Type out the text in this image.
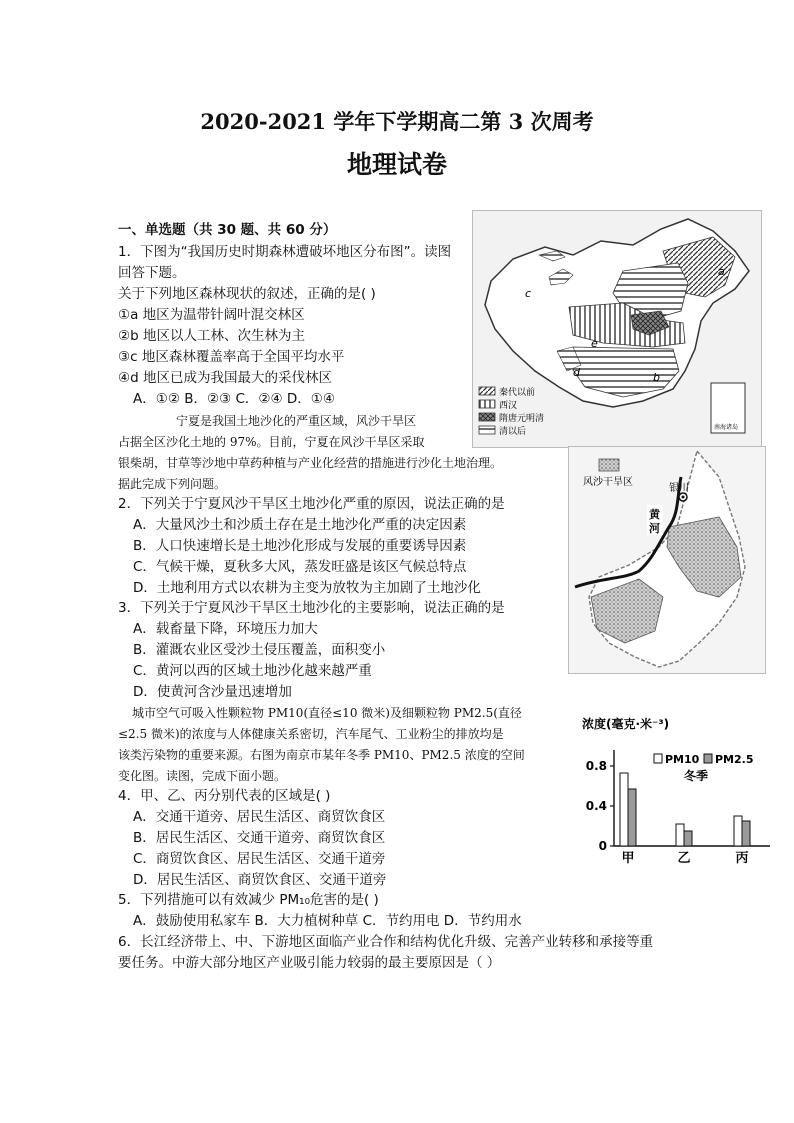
2020-2021 学年下学期高二第 3 次周考
地理试卷
一、单选题（共 30 题、共 60 分）
1．下图为“我国历史时期森林遭破坏地区分布图”。读图
回答下题。
关于下列地区森林现状的叙述，正确的是( )
①a 地区为温带针阔叶混交林区
②b 地区以人工林、次生林为主
③c 地区森林覆盖率高于全国平均水平
④d 地区已成为我国最大的采伐林区
A．①② B．②③ C．②④ D．①④
a
b
c
d
e
南海诸岛
秦代以前
西汉
隋唐元明清
清以后
宁夏是我国土地沙化的严重区域，风沙干旱区
占据全区沙化土地的 97%。目前，宁夏在风沙干旱区采取
银柴胡，甘草等沙地中草药种植与产业化经营的措施进行沙化土地治理。
据此完成下列问题。	风沙干旱区
银川
黄
河
2．下列关于宁夏风沙干旱区土地沙化严重的原因，说法正确的是
A．大量风沙土和沙质土存在是土地沙化严重的决定因素
B．人口快速增长是土地沙化形成与发展的重要诱导因素
C．气候干燥，夏秋多大风，蒸发旺盛是该区气候总特点
D．土地利用方式以农耕为主变为放牧为主加剧了土地沙化
3．下列关于宁夏风沙干旱区土地沙化的主要影响，说法正确的是
A．载畜量下降，环境压力加大
B．灌溉农业区受沙土侵压覆盖，面积变小
C．黄河以西的区域土地沙化越来越严重
D．使黄河含沙量迅速增加
城市空气可吸入性颗粒物 PM10(直径≤10 微米)及细颗粒物 PM2.5(直径
≤2.5 微米)的浓度与人体健康关系密切，汽车尾气、工业粉尘的排放均是
该类污染物的重要来源。右图为南京市某年冬季 PM10、PM2.5 浓度的空间
变化图。读图，完成下面小题。
浓度(毫克·米⁻³)
PM10 PM2.5
冬季
0
0.4
0.8
甲	乙	丙
4．甲、乙、丙分别代表的区域是( )
A．交通干道旁、居民生活区、商贸饮食区
B．居民生活区、交通干道旁、商贸饮食区
C．商贸饮食区、居民生活区、交通干道旁
D．居民生活区、商贸饮食区、交通干道旁
5．下列措施可以有效减少 PM₁₀危害的是( )
A．鼓励使用私家车 B．大力植树种草 C．节约用电 D．节约用水
6．长江经济带上、中、下游地区面临产业合作和结构优化升级、完善产业转移和承接等重
要任务。中游大部分地区产业吸引能力较弱的最主要原因是（ ）
